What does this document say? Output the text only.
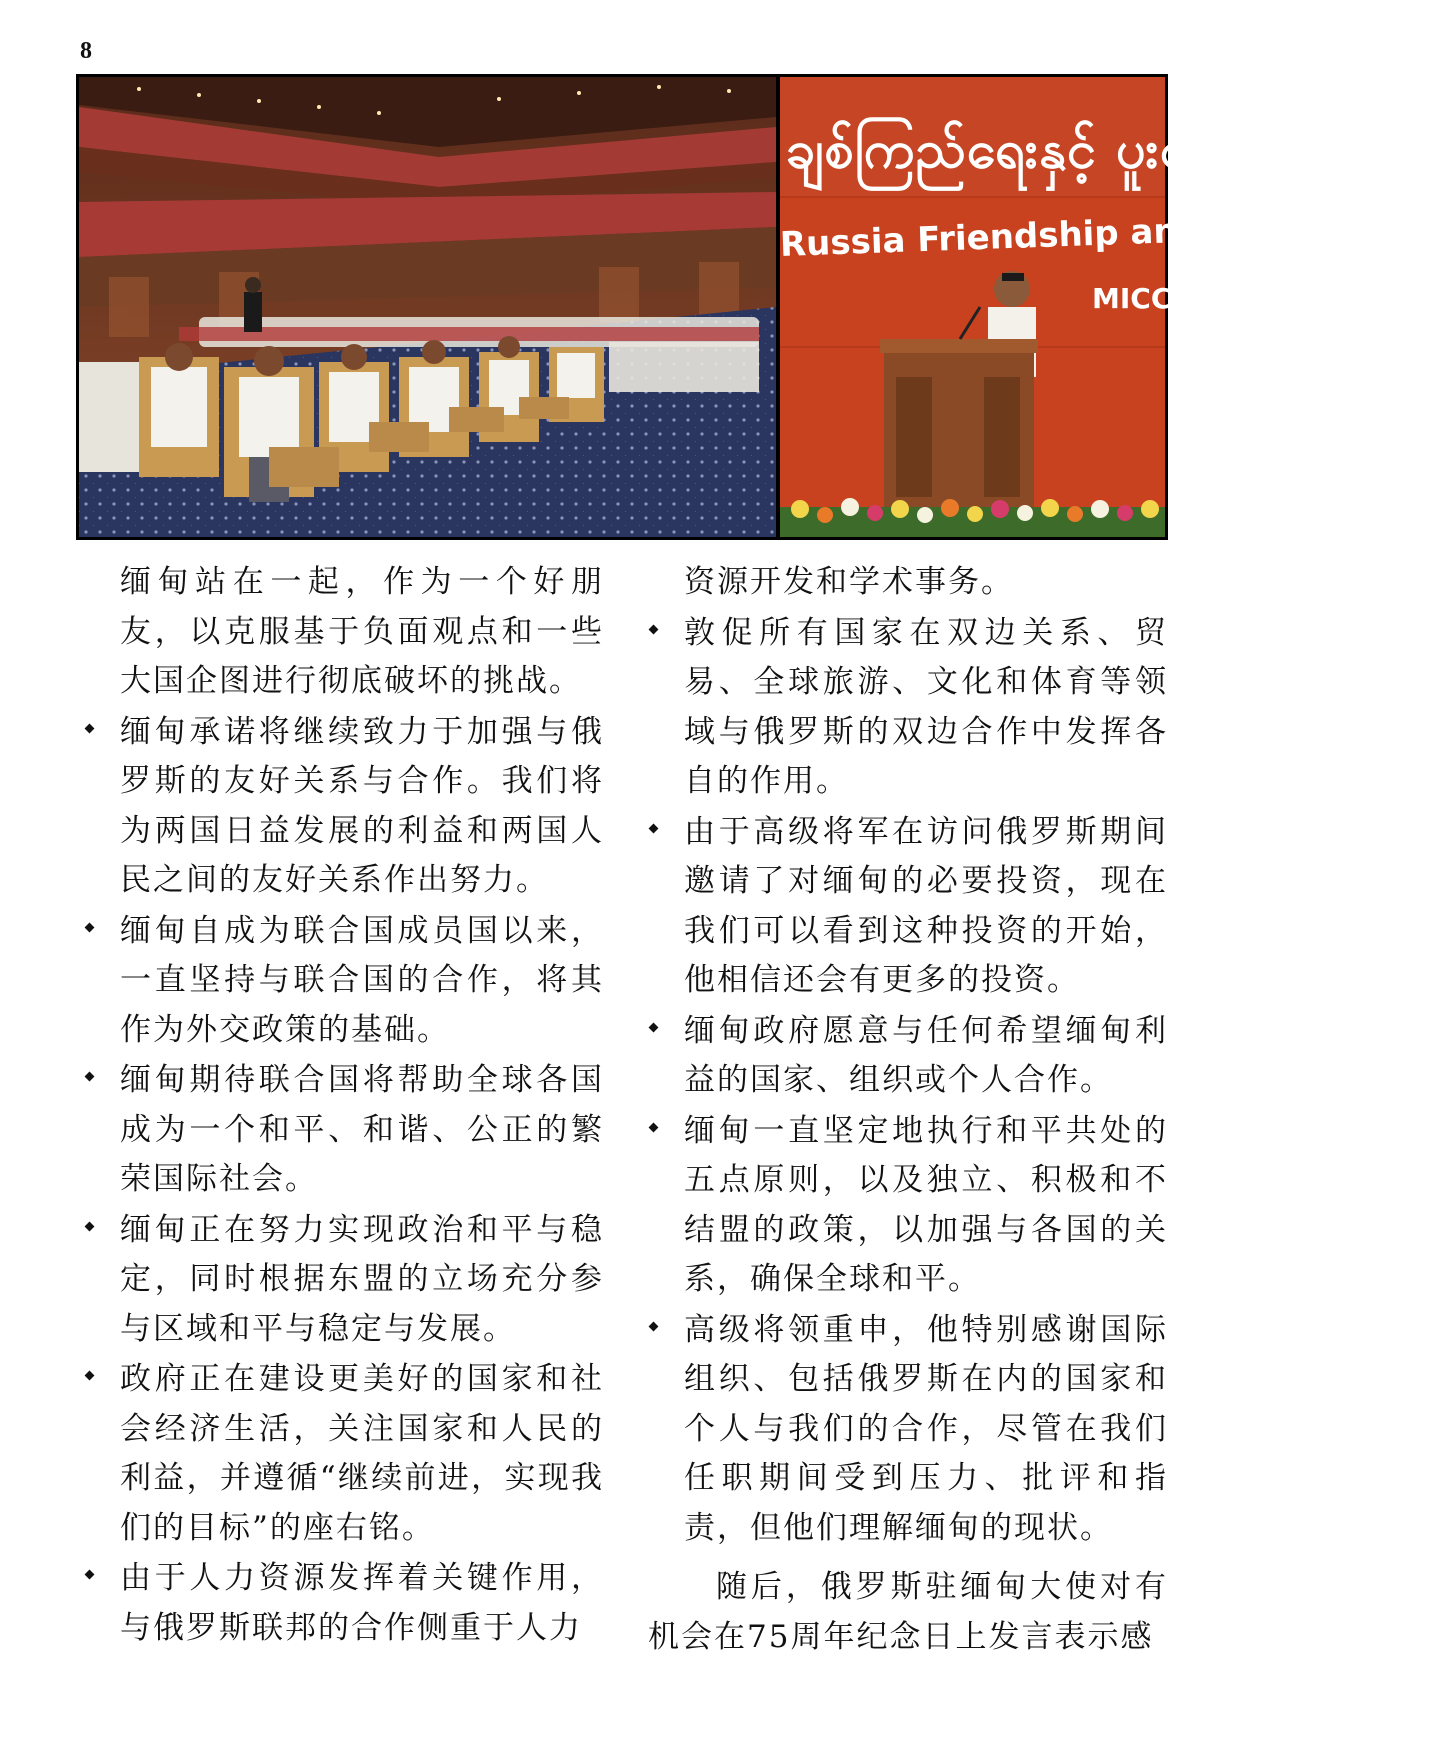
8
ချစ်ကြည်ရေးနှင့် ပူးပေါင်းဆောင်ရွ
Russia Friendship and Coo
MICC

缅甸站在一起，作为一个好朋友，以克服基于负面观点和一些大国企图进行彻底破坏的挑战。

缅甸承诺将继续致力于加强与俄罗斯的友好关系与合作。我们将为两国日益发展的利益和两国人民之间的友好关系作出努力。
缅甸自成为联合国成员国以来，一直坚持与联合国的合作，将其作为外交政策的基础。
缅甸期待联合国将帮助全球各国成为一个和平、和谐、公正的繁荣国际社会。
缅甸正在努力实现政治和平与稳定，同时根据东盟的立场充分参与区域和平与稳定与发展。
政府正在建设更美好的国家和社会经济生活，关注国家和人民的利益，并遵循“继续前进，实现我们的目标”的座右铭。
由于人力资源发挥着关键作用，与俄罗斯联邦的合作侧重于人力

资源开发和学术事务。

敦促所有国家在双边关系、贸易、全球旅游、文化和体育等领域与俄罗斯的双边合作中发挥各自的作用。
由于高级将军在访问俄罗斯期间邀请了对缅甸的必要投资，现在我们可以看到这种投资的开始，他相信还会有更多的投资。
缅甸政府愿意与任何希望缅甸利益的国家、组织或个人合作。
缅甸一直坚定地执行和平共处的五点原则，以及独立、积极和不结盟的政策，以加强与各国的关系，确保全球和平。
高级将领重申，他特别感谢国际组织、包括俄罗斯在内的国家和个人与我们的合作，尽管在我们任职期间受到压力、批评和指责，但他们理解缅甸的现状。

随后，俄罗斯驻缅甸大使对有机会在75周年纪念日上发言表示感
